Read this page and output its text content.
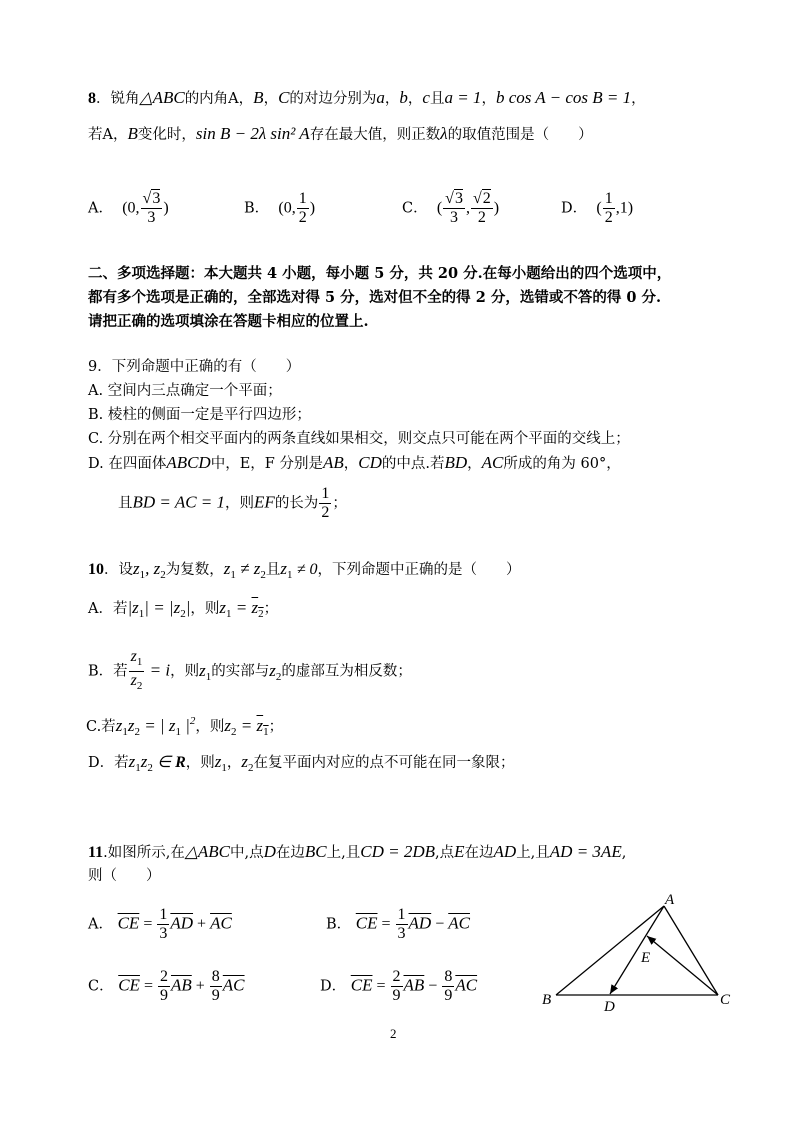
8．锐角△ABC的内角A，B，C的对边分别为a，b，c且a = 1，b cos A − cos B = 1，
若A，B变化时，sin B − 2λ sin² A存在最大值，则正数λ的取值范围是（　　）
A． (0, $\frac{√3}{3}$ )	B． (0, $\frac{1}{2}$ )	C． ( $\frac{√3}{3}$ , $\frac{√2}{2}$ )	D． ( $\frac{1}{2} ,1$)
二、多项选择题：本大题共 4 小题，每小题 5 分，共 20 分.在每小题给出的四个选项中，
都有多个选项是正确的，全部选对得 5 分，选对但不全的得 2 分，选错或不答的得 0 分.
请把正确的选项填涂在答题卡相应的位置上.
9．下列命题中正确的有（　　）
A. 空间内三点确定一个平面；
B. 棱柱的侧面一定是平行四边形；
C. 分别在两个相交平面内的两条直线如果相交，则交点只可能在两个平面的交线上；
D. 在四面体ABCD中，E，F 分别是AB，CD的中点.若BD，AC所成的角为 60°，
且BD = AC = 1，则EF的长为 $\frac{1}{2}$ ；
10．设$z_1$, $z_2$为复数，$z_1 \ne z_2$且$z_1 \ne 0$，下列命题中正确的是（　　）
A．若$|z_1| = |z_2|$，则$z_1 = z_2$；
B．若 $\frac{z_1}{z_2} = i$，则$z_1$的实部与$z_2$的虚部互为相反数；
C.若$z_1z_2$ = | $z_1$ $|^2$，则$z_2 = z_1$；
D．若$z_1z_2$ ∈ R，则$z_1$，$z_2$在复平面内对应的点不可能在同一象限；
11.如图所示,在△ABC中,点D在边BC上,且CD = 2DB,点E在边AD上,且AD = 3AE,
则（　　）
A． $\overline{CE} = \frac{1}{3} \overline{AD} + \overline{AC}$	B． $\overline{CE} = \frac{1}{3} \overline{AD} - \overline{AC}$
C． $\overline{CE} = \frac{2}{9} \overline{AB} + \frac{8}{9} \overline{AC}$	D． $\overline{CE} = \frac{2}{9} \overline{AB} - \frac{8}{9} \overline{AC}$
A
B	C
D
E
2
